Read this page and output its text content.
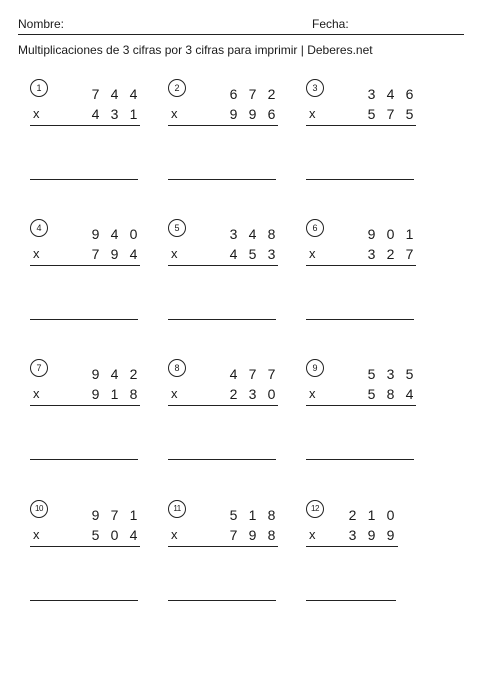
Nombre:	Fecha:
Multiplicaciones de 3 cifras por 3 cifras para imprimir | Deberes.net
1	7 4 4
4 3 1
x
2	6 7 2
9 9 6
x
3	3 4 6
5 7 5
x
4	9 4 0
7 9 4
x
5	3 4 8
4 5 3
x
6	9 0 1
3 2 7
x
7	9 4 2
9 1 8
x
8	4 7 7
2 3 0
x
9	5 3 5
5 8 4
x
10	9 7 1
5 0 4
x
11	5 1 8
7 9 8
x
12	2 1 0
3 9 9
x
